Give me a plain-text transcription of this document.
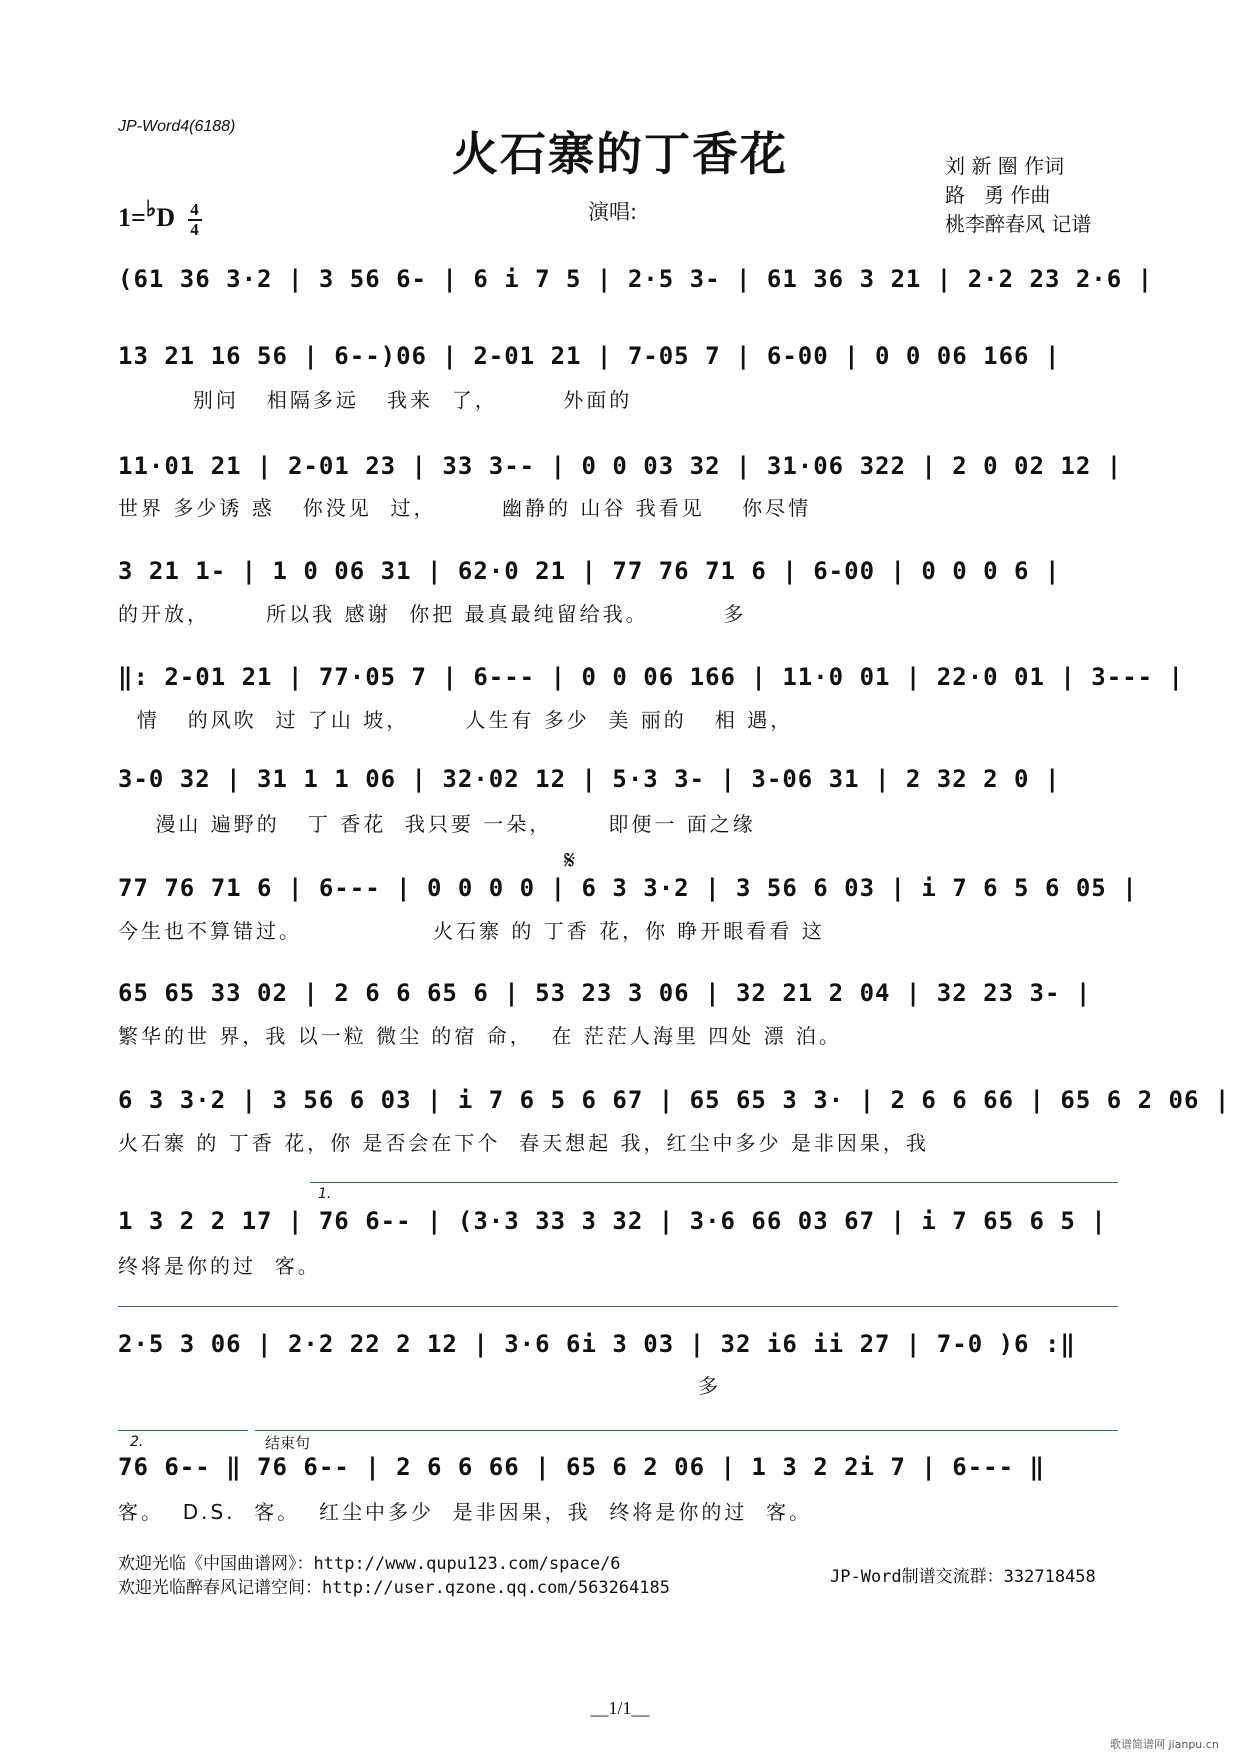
JP-Word4(6188)
火石寨的丁香花	刘 新 圈 作词
路   勇 作曲
桃李醉春风 记谱
$1=^♭D \frac{4}{4}$	演唱:
(61 36 3·2 | 3 56 6- | 6 i 7 5 | 2·5 3- | 61 36 3 21 | 2·2 23 2·6 |
13 21 16 56 | 6--)06 | 2-01 21 | 7-05 7 | 6-00 | 0 0 06 166 |
别问   相隔多远   我来  了，       外面的
11·01 21 | 2-01 23 | 33 3-- | 0 0 03 32 | 31·06 322 | 2 0 02 12 |
世界 多少诱 惑   你没见  过，       幽静的 山谷 我看见    你尽情
3 21 1- | 1 0 06 31 | 62·0 21 | 77 76 71 6 | 6-00 | 0 0 0 6 |
的开放，      所以我 感谢  你把 最真最纯留给我。        多
‖: 2-01 21 | 77·05 7 | 6--- | 0 0 06 166 | 11·0 01 | 22·0 01 | 3--- |
情   的风吹  过 了山 坡，      人生有 多少  美 丽的   相 遇，
3-0 32 | 31 1 1 06 | 32·02 12 | 5·3 3- | 3-06 31 | 2 32 2 0 |
漫山 遍野的   丁 香花  我只要 一朵，      即便一 面之缘
𝄋
77 76 71 6 | 6--- | 0 0 0 0 | 6 3 3·2 | 3 56 6 03 | i 7 6 5 6 05 |
今生也不算错过。              火石寨 的 丁香 花，你 睁开眼看看 这
65 65 33 02 | 2 6 6 65 6 | 53 23 3 06 | 32 21 2 04 | 32 23 3- |
繁华的世 界，我 以一粒 微尘 的宿 命，  在 茫茫人海里 四处 漂 泊。
6 3 3·2 | 3 56 6 03 | i 7 6 5 6 67 | 65 65 3 3· | 2 6 6 66 | 65 6 2 06 |
火石寨 的 丁香 花，你 是否会在下个  春天想起 我，红尘中多少 是非因果，我
1.
1 3 2 2 17 | 76 6-- | (3·3 33 3 32 | 3·6 66 03 67 | i 7 65 6 5 |
终将是你的过  客。
2·5 3 06 | 2·2 22 2 12 | 3·6 6i 3 03 | 32 i6 ii 27 | 7-0 )6 :‖
多
2.	结束句
76 6-- ‖ 76 6-- | 2 6 6 66 | 65 6 2 06 | 1 3 2 2i 7 | 6--- ‖
客。  D.S.  客。  红尘中多少  是非因果，我  终将是你的过  客。
欢迎光临《中国曲谱网》：http://www.qupu123.com/space/6
欢迎光临醉春风记谱空间：http://user.qzone.qq.com/563264185
JP-Word制谱交流群：332718458
__1/1__
歌谱简谱网 jianpu.cn
